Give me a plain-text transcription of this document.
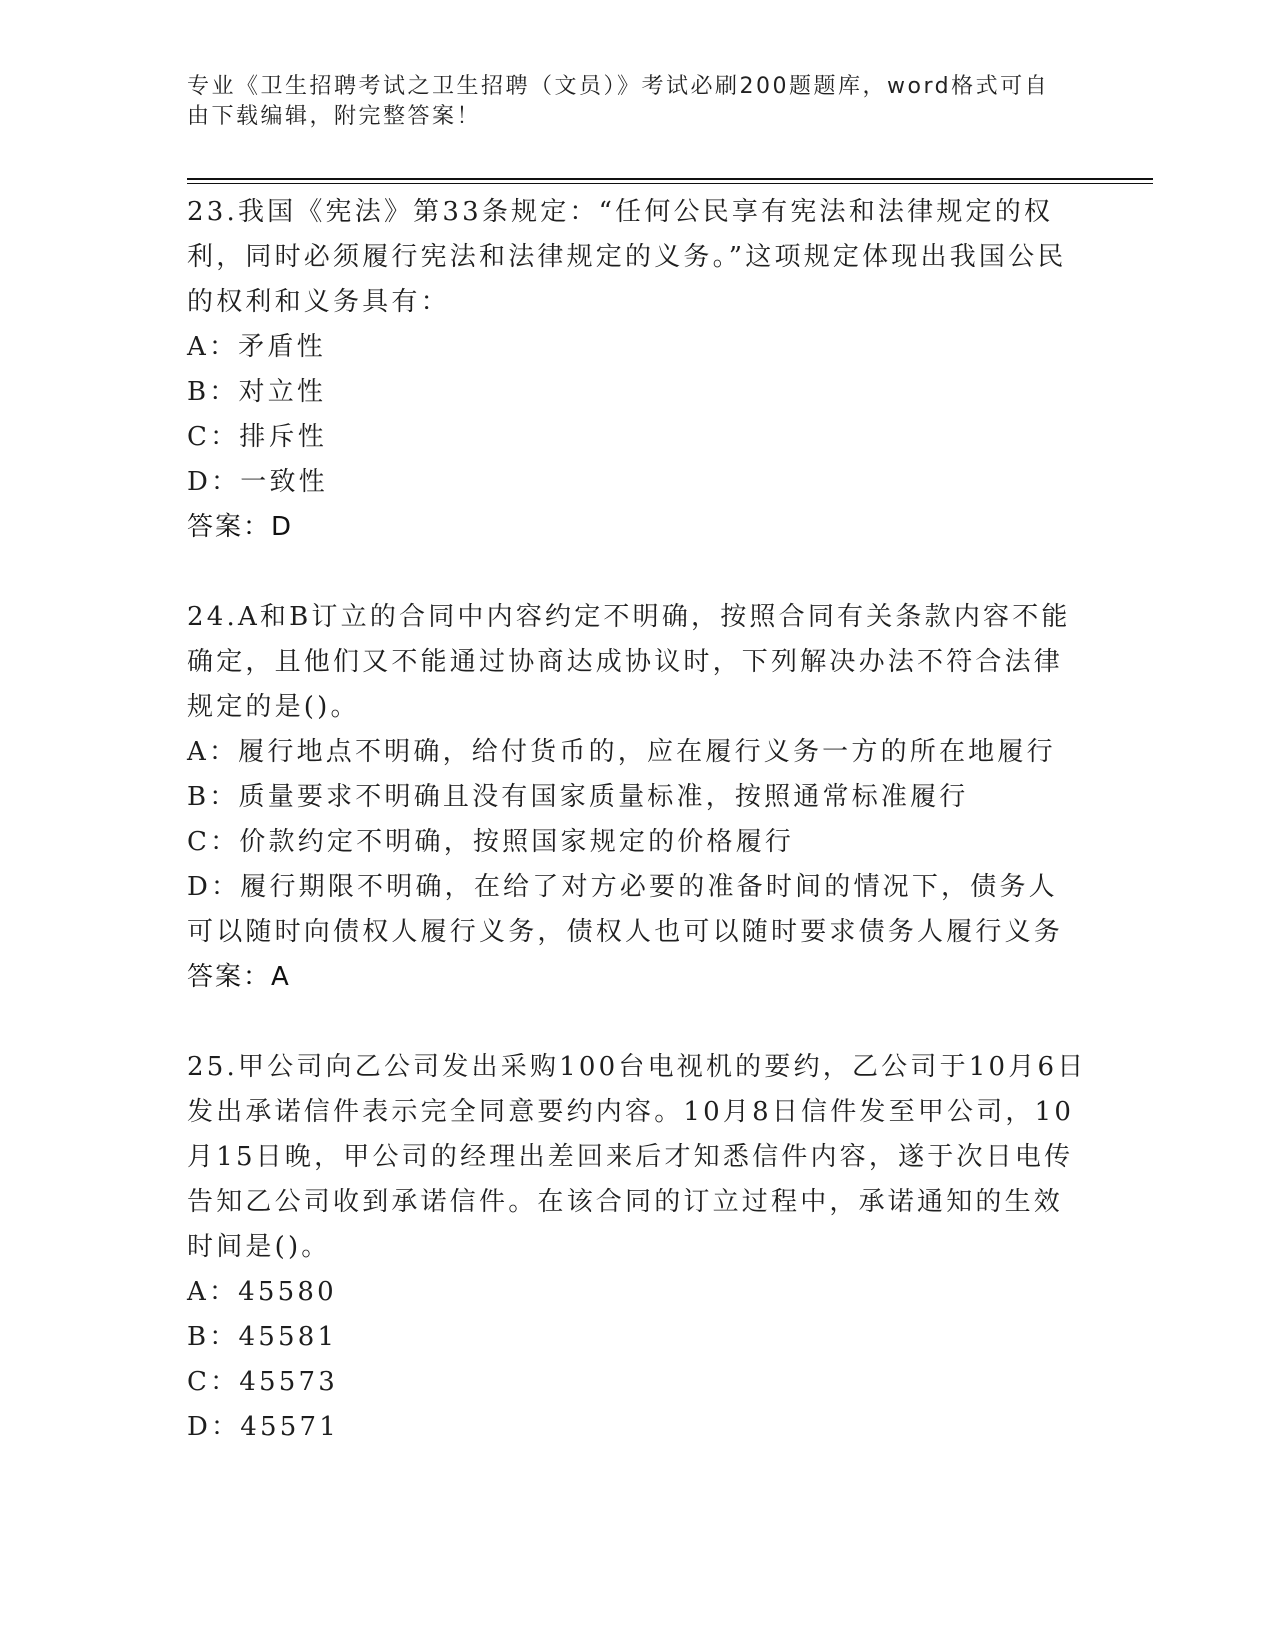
专业《卫生招聘考试之卫生招聘（文员）》考试必刷200题题库，word格式可自由下载编辑，附完整答案！

23.我国《宪法》第33条规定：“任何公民享有宪法和法律规定的权利，同时必须履行宪法和法律规定的义务。”这项规定体现出我国公民的权利和义务具有：

A：矛盾性

B：对立性

C：排斥性

D：一致性

答案：D

24.A和B订立的合同中内容约定不明确，按照合同有关条款内容不能确定，且他们又不能通过协商达成协议时，下列解决办法不符合法律规定的是()。

A：履行地点不明确，给付货币的，应在履行义务一方的所在地履行

B：质量要求不明确且没有国家质量标准，按照通常标准履行

C：价款约定不明确，按照国家规定的价格履行

D：履行期限不明确，在给了对方必要的准备时间的情况下，债务人可以随时向债权人履行义务，债权人也可以随时要求债务人履行义务

答案：A

25.甲公司向乙公司发出采购100台电视机的要约，乙公司于10月6日发出承诺信件表示完全同意要约内容。10月8日信件发至甲公司，10月15日晚，甲公司的经理出差回来后才知悉信件内容，遂于次日电传告知乙公司收到承诺信件。在该合同的订立过程中，承诺通知的生效时间是()。

A：45580

B：45581

C：45573

D：45571
